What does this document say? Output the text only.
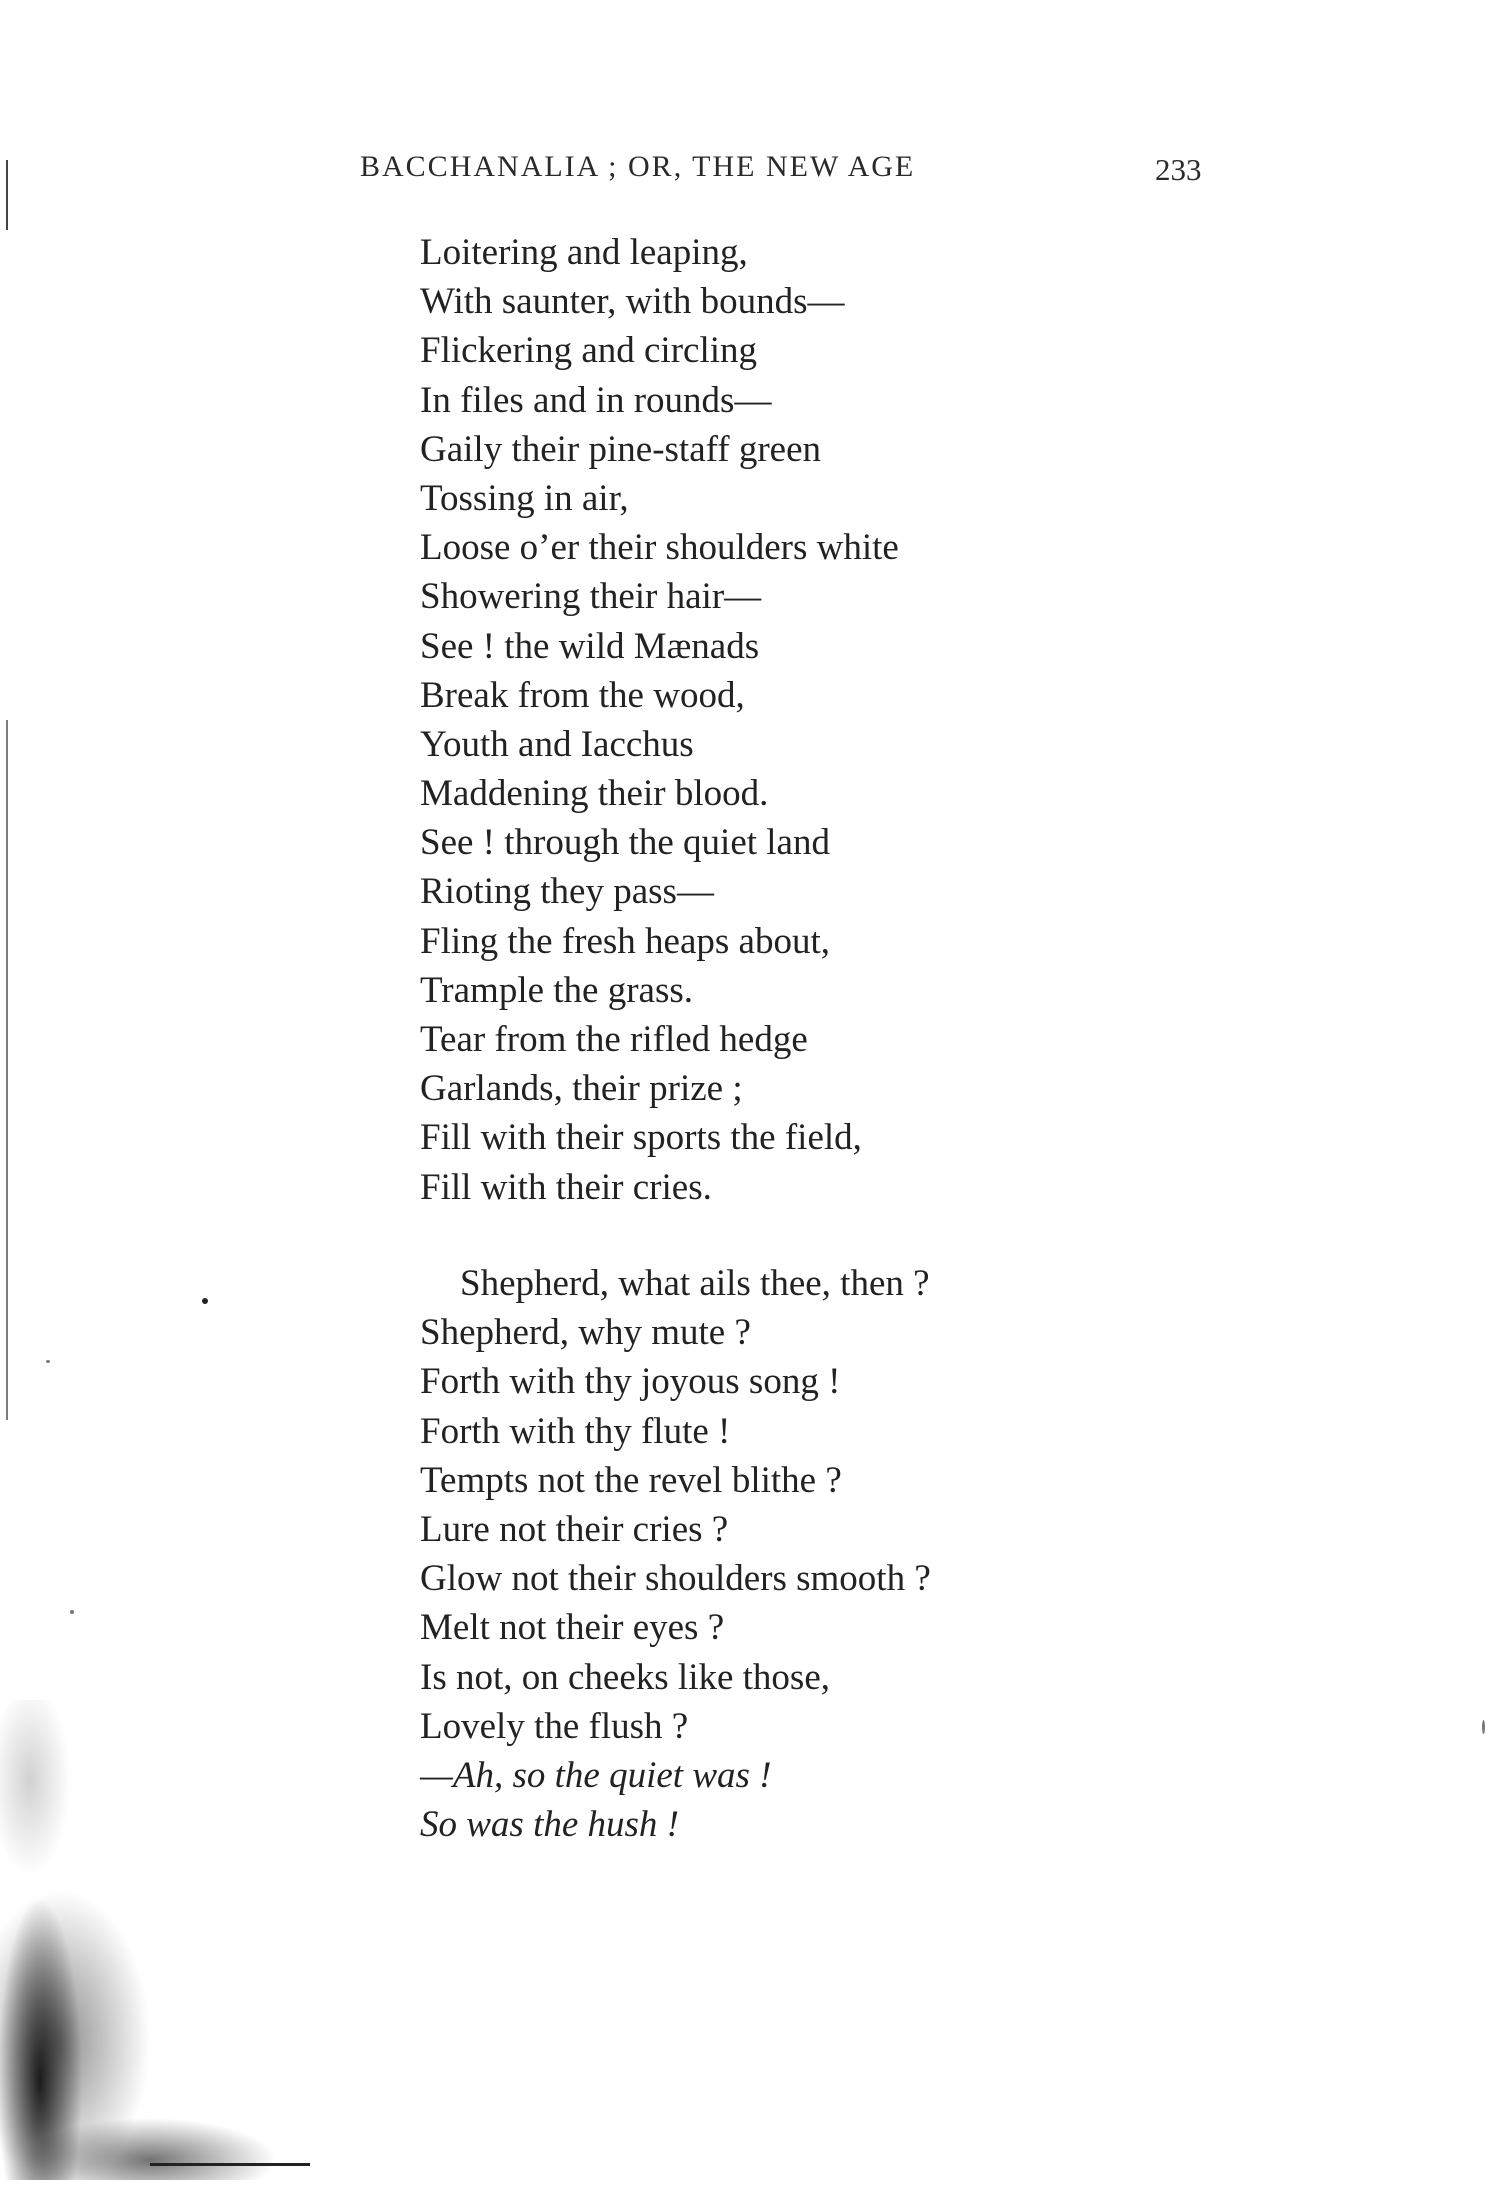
BACCHANALIA ; OR, THE NEW AGE	233
Loitering and leaping,
With saunter, with bounds—
Flickering and circling
In files and in rounds—
Gaily their pine-staff green
Tossing in air,
Loose o’er their shoulders white
Showering their hair—
See ! the wild Mænads
Break from the wood,
Youth and Iacchus
Maddening their blood.
See ! through the quiet land
Rioting they pass—
Fling the fresh heaps about,
Trample the grass.
Tear from the rifled hedge
Garlands, their prize ;
Fill with their sports the field,
Fill with their cries.
Shepherd, what ails thee, then ?
Shepherd, why mute ?
Forth with thy joyous song !
Forth with thy flute !
Tempts not the revel blithe ?
Lure not their cries ?
Glow not their shoulders smooth ?
Melt not their eyes ?
Is not, on cheeks like those,
Lovely the flush ?
—Ah, so the quiet was !
So was the hush !
